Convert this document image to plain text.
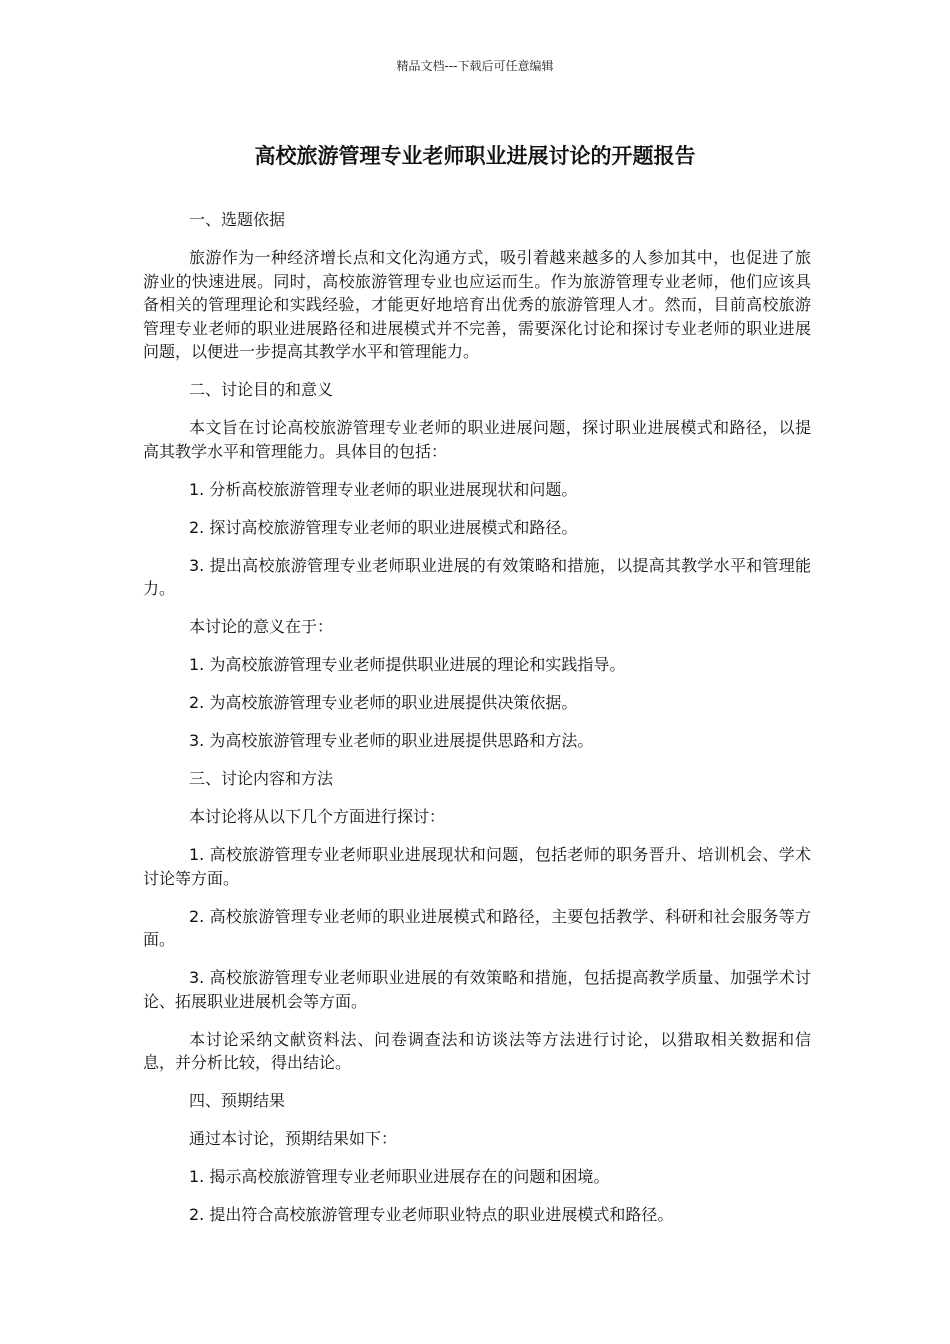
精品文档---下载后可任意编辑
高校旅游管理专业老师职业进展讨论的开题报告

一、选题依据

旅游作为一种经济增长点和文化沟通方式，吸引着越来越多的人参加其中，也促进了旅游业的快速进展。同时，高校旅游管理专业也应运而生。作为旅游管理专业老师，他们应该具备相关的管理理论和实践经验，才能更好地培育出优秀的旅游管理人才。然而，目前高校旅游管理专业老师的职业进展路径和进展模式并不完善，需要深化讨论和探讨专业老师的职业进展问题，以便进一步提高其教学水平和管理能力。

二、讨论目的和意义

本文旨在讨论高校旅游管理专业老师的职业进展问题，探讨职业进展模式和路径，以提高其教学水平和管理能力。具体目的包括：

1. 分析高校旅游管理专业老师的职业进展现状和问题。

2. 探讨高校旅游管理专业老师的职业进展模式和路径。

3. 提出高校旅游管理专业老师职业进展的有效策略和措施，以提高其教学水平和管理能力。

本讨论的意义在于：

1. 为高校旅游管理专业老师提供职业进展的理论和实践指导。

2. 为高校旅游管理专业老师的职业进展提供决策依据。

3. 为高校旅游管理专业老师的职业进展提供思路和方法。

三、讨论内容和方法

本讨论将从以下几个方面进行探讨：

1. 高校旅游管理专业老师职业进展现状和问题，包括老师的职务晋升、培训机会、学术讨论等方面。

2. 高校旅游管理专业老师的职业进展模式和路径，主要包括教学、科研和社会服务等方面。

3. 高校旅游管理专业老师职业进展的有效策略和措施，包括提高教学质量、加强学术讨论、拓展职业进展机会等方面。

本讨论采纳文献资料法、问卷调查法和访谈法等方法进行讨论，以猎取相关数据和信息，并分析比较，得出结论。

四、预期结果

通过本讨论，预期结果如下：

1. 揭示高校旅游管理专业老师职业进展存在的问题和困境。

2. 提出符合高校旅游管理专业老师职业特点的职业进展模式和路径。
